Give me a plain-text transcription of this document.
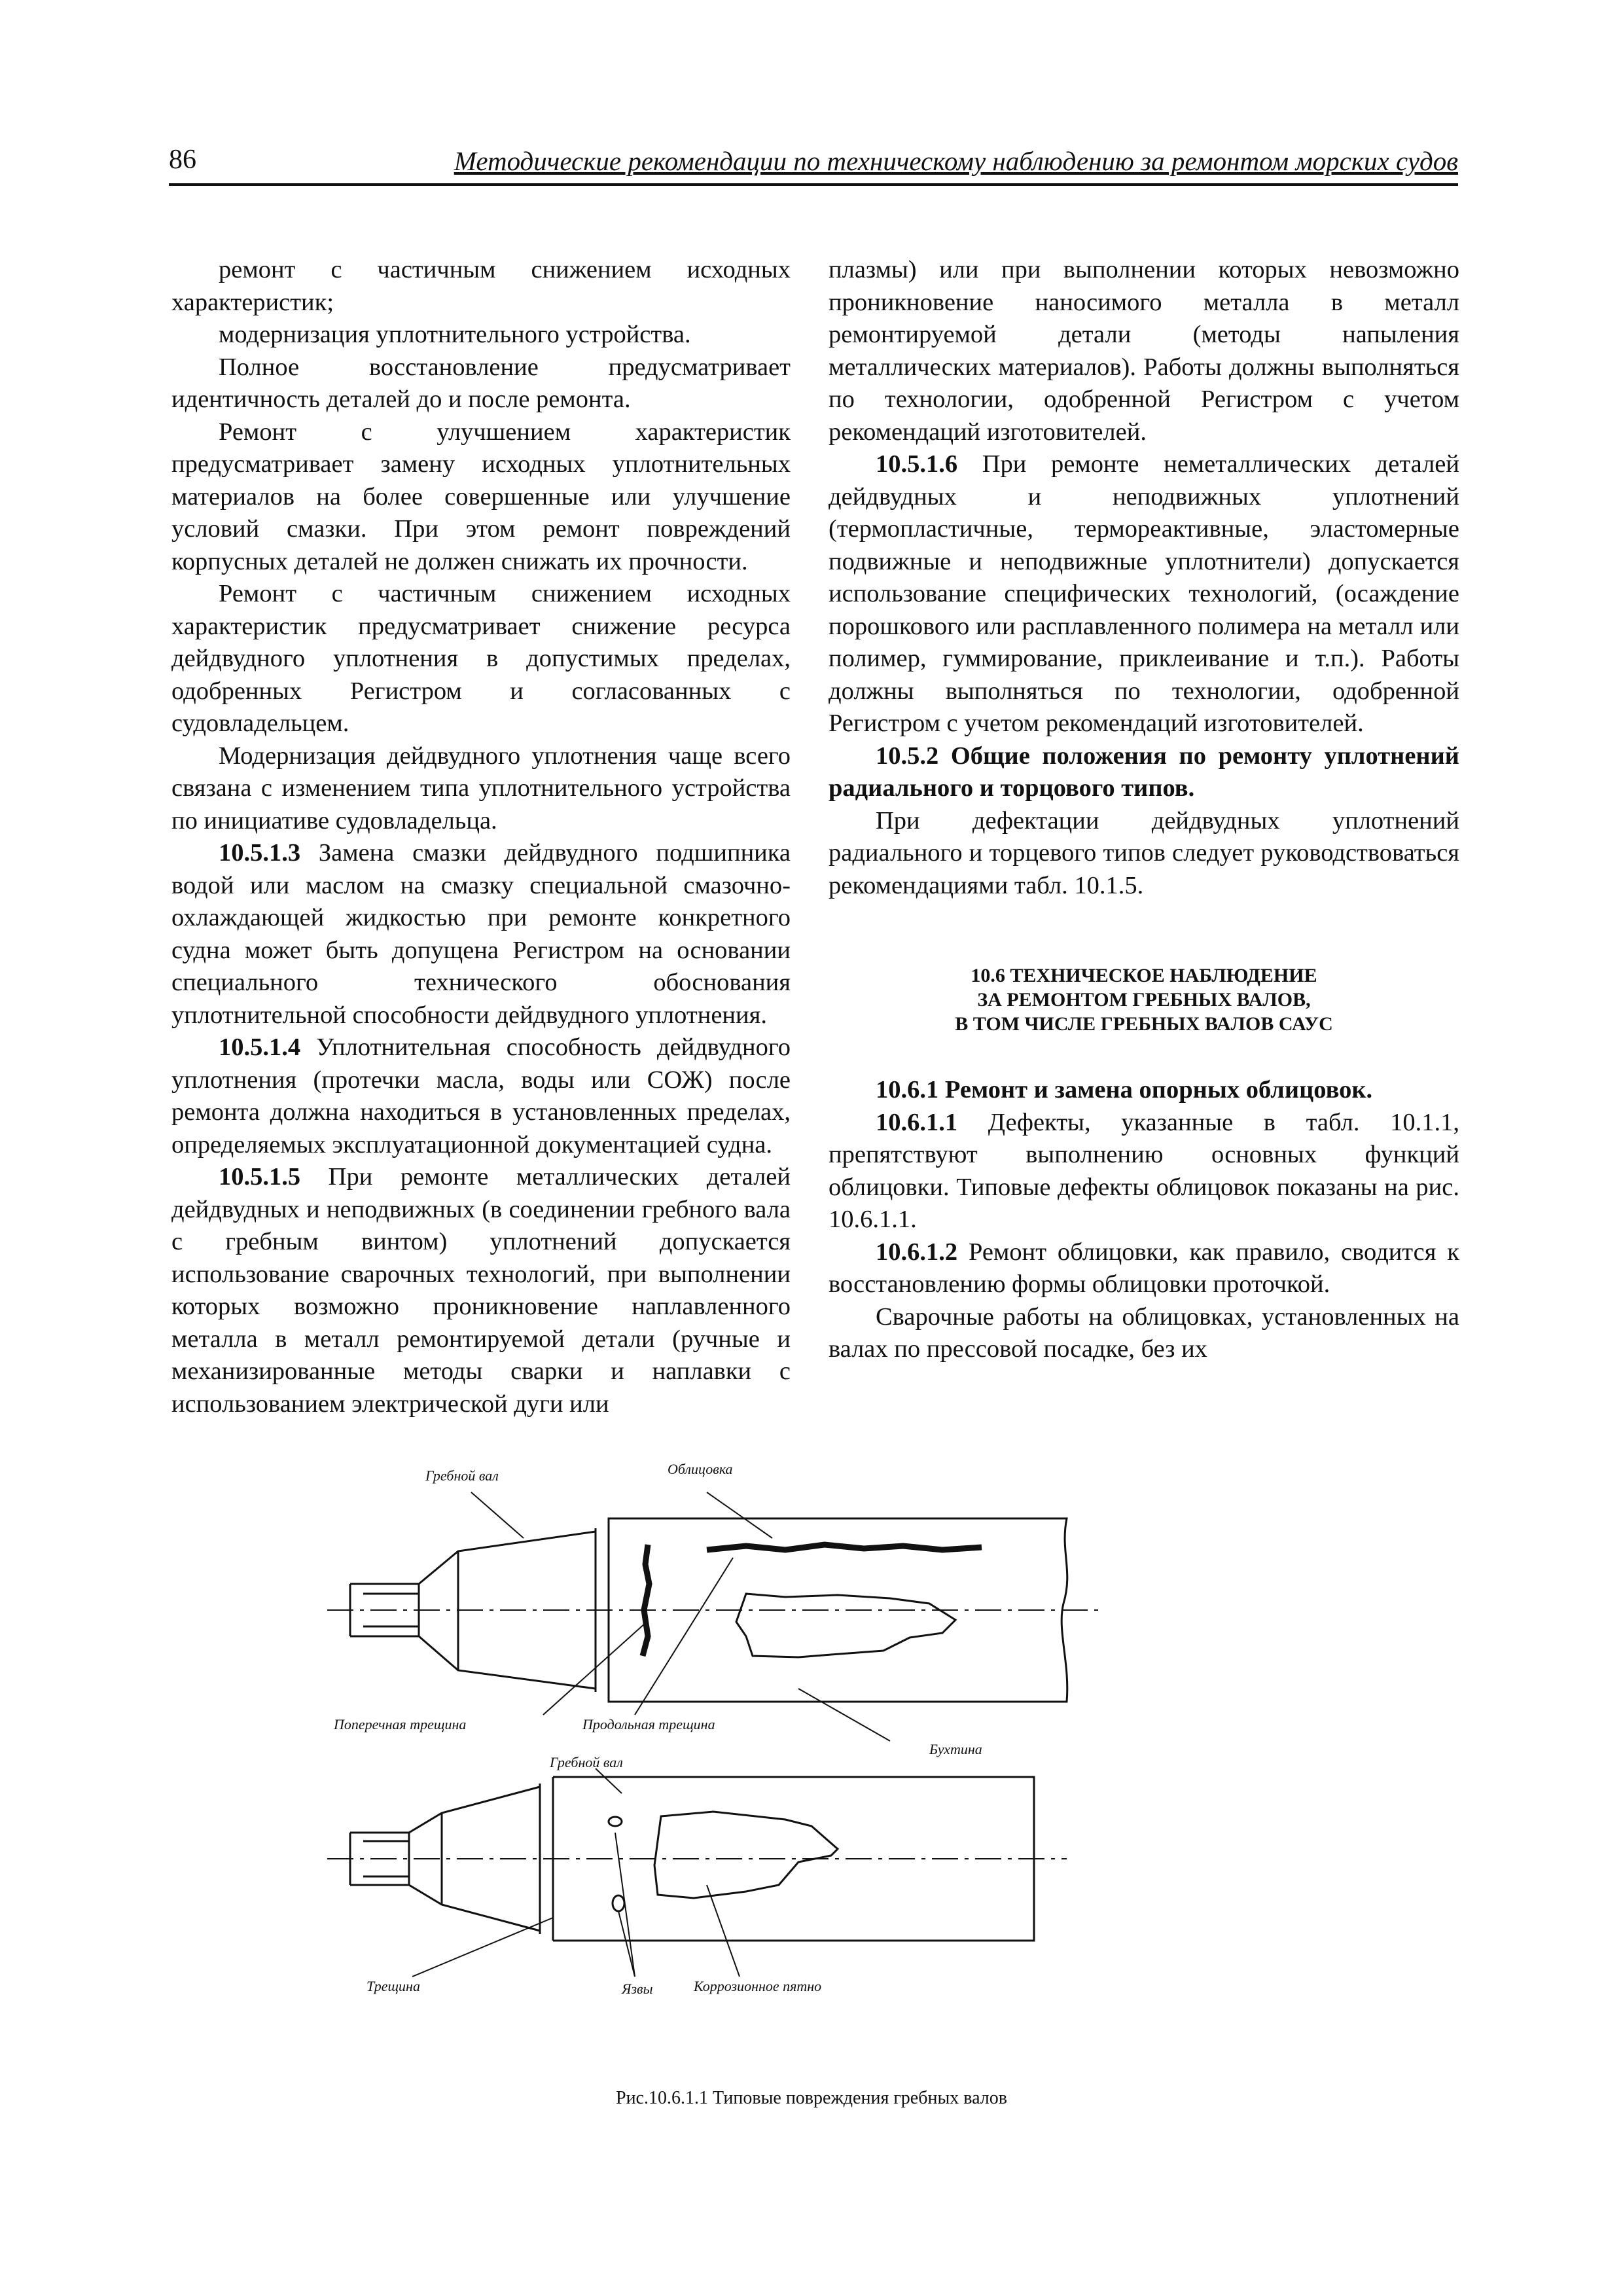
86	Методические рекомендации по техническому наблюдению за ремонтом морских судов

ремонт с частичным снижением исходных характеристик;

модернизация уплотнительного устройства.

Полное восстановление предусматривает идентичность деталей до и после ремонта.

Ремонт с улучшением характеристик предусматривает замену исходных уплотнительных материалов на более совершенные или улучшение условий смазки. При этом ремонт повреждений корпусных деталей не должен снижать их прочности.

Ремонт с частичным снижением исходных характеристик предусматривает снижение ресурса дейдвудного уплотнения в допустимых пределах, одобренных Регистром и согласованных с судовладельцем.

Модернизация дейдвудного уплотнения чаще всего связана с изменением типа уплотнительного устройства по инициативе судовладельца.

10.5.1.3 Замена смазки дейдвудного подшипника водой или маслом на смазку специальной смазочно-охлаждающей жидкостью при ремонте конкретного судна может быть допущена Регистром на основании специального технического обоснования уплотнительной способности дейдвудного уплотнения.

10.5.1.4 Уплотнительная способность дейдвудного уплотнения (протечки масла, воды или СОЖ) после ремонта должна находиться в установленных пределах, определяемых эксплуатационной документацией судна.

10.5.1.5 При ремонте металлических деталей дейдвудных и неподвижных (в соединении гребного вала с гребным винтом) уплотнений допускается использование сварочных технологий, при выполнении которых возможно проникновение наплавленного металла в металл ремонтируемой детали (ручные и механизированные методы сварки и наплавки с использованием электрической дуги или

плазмы) или при выполнении которых невозможно проникновение наносимого металла в металл ремонтируемой детали (методы напыления металлических материалов). Работы должны выполняться по технологии, одобренной Регистром с учетом рекомендаций изготовителей.

10.5.1.6 При ремонте неметаллических деталей дейдвудных и неподвижных уплотнений (термопластичные, термореактивные, эластомерные подвижные и неподвижные уплотнители) допускается использование специфических технологий, (осаждение порошкового или расплавленного полимера на металл или полимер, гуммирование, приклеивание и т.п.). Работы должны выполняться по технологии, одобренной Регистром с учетом рекомендаций изготовителей.

10.5.2 Общие положения по ремонту уплотнений радиального и торцового типов.

При дефектации дейдвудных уплотнений радиального и торцевого типов следует руководствоваться рекомендациями табл. 10.1.5.

10.6 ТЕХНИЧЕСКОЕ НАБЛЮДЕНИЕ
ЗА РЕМОНТОМ ГРЕБНЫХ ВАЛОВ,
В ТОМ ЧИСЛЕ ГРЕБНЫХ ВАЛОВ САУС

10.6.1 Ремонт и замена опорных облицовок.

10.6.1.1 Дефекты, указанные в табл. 10.1.1, препятствуют выполнению основных функций облицовки. Типовые дефекты облицовок показаны на рис. 10.6.1.1.

10.6.1.2 Ремонт облицовки, как правило, сводится к восстановлению формы облицовки проточкой.

Сварочные работы на облицовках, установленных на валах по прессовой посадке, без их

Гребной вал	Облицовка
Поперечная трещина	Продольная трещина
Бухтина
Гребной вал
Трещина	Язвы	Коррозионное пятно
Рис.10.6.1.1 Типовые повреждения гребных валов
